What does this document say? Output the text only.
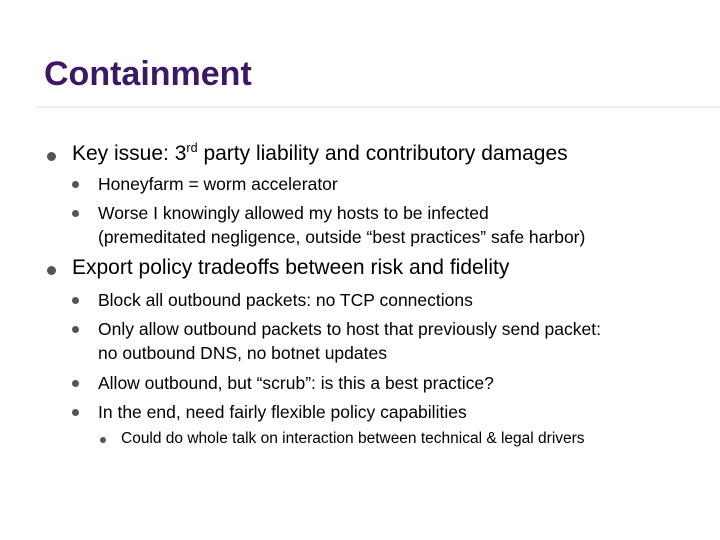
Containment
Key issue: 3rd party liability and contributory damages
Honeyfarm = worm accelerator
Worse I knowingly allowed my hosts to be infected
(premeditated negligence, outside “best practices” safe harbor)
Export policy tradeoffs between risk and fidelity
Block all outbound packets: no TCP connections
Only allow outbound packets to host that previously send packet:
no outbound DNS, no botnet updates
Allow outbound, but “scrub”: is this a best practice?
In the end, need fairly flexible policy capabilities
Could do whole talk on interaction between technical & legal drivers
